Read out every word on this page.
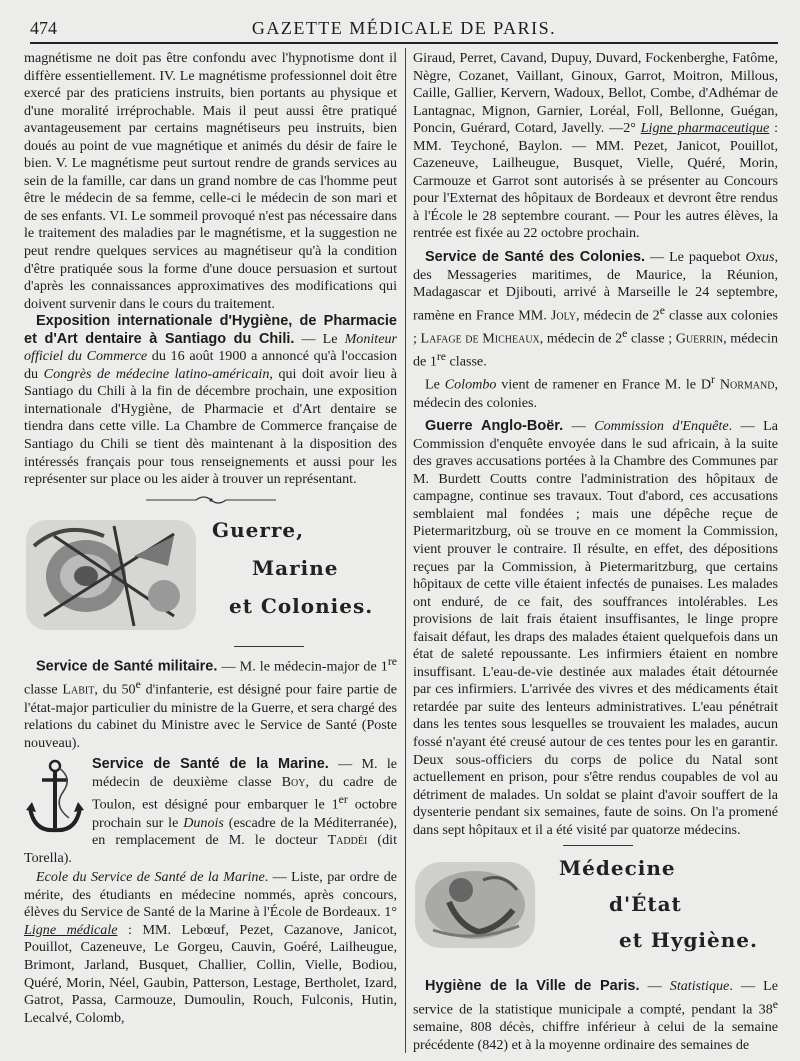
474	GAZETTE MÉDICALE DE PARIS.

magnétisme ne doit pas être confondu avec l'hypnotisme dont il diffère essentiellement. IV. Le magnétisme professionnel doit être exercé par des praticiens instruits, bien portants au physique et d'une moralité irréprochable. Mais il peut aussi être pratiqué avantageusement par certains magnétiseurs peu instruits, bien doués au point de vue magnétique et animés du désir de faire le bien. V. Le magnétisme peut surtout rendre de grands services au sein de la famille, car dans un grand nombre de cas l'homme peut être le médecin de sa femme, celle-ci le médecin de son mari et de ses enfants. VI. Le sommeil provoqué n'est pas nécessaire dans le traitement des maladies par le magnétisme, et la suggestion ne peut rendre quelques services au magnétiseur qu'à la condition d'être pratiquée sous la forme d'une douce persuasion et surtout d'après les connaissances approximatives des modifications qui doivent survenir dans le cours du traitement.

Exposition internationale d'Hygiène, de Pharmacie et d'Art dentaire à Santiago du Chili. — Le Moniteur officiel du Commerce du 16 août 1900 a annoncé qu'à l'occasion du Congrès de médecine latino-américain, qui doit avoir lieu à Santiago du Chili à la fin de décembre prochain, une exposition internationale d'Hygiène, de Pharmacie et d'Art dentaire se tiendra dans cette ville. La Chambre de Commerce française de Santiago du Chili se tient dès maintenant à la disposition des intéressés français pour tous renseignements et aussi pour les représenter sur place ou les aider à trouver un représentant.

Guerre,
Marine
et Colonies.

Service de Santé militaire. — M. le médecin-major de 1re classe Labit, du 50e d'infanterie, est désigné pour faire partie de l'état-major particulier du ministre de la Guerre, et sera chargé des relations du cabinet du Ministre avec le Service de Santé (Poste nouveau).

Service de Santé de la Marine. — M. le médecin de deuxième classe Boy, du cadre de Toulon, est désigné pour embarquer le 1er octobre prochain sur le Dunois (escadre de la Méditerranée), en remplacement de M. le docteur Taddéi (dit Torella).

Ecole du Service de Santé de la Marine. — Liste, par ordre de mérite, des étudiants en médecine nommés, après concours, élèves du Service de Santé de la Marine à l'École de Bordeaux. 1° Ligne médicale : MM. Lebœuf, Pezet, Cazanove, Janicot, Pouillot, Cazeneuve, Le Gorgeu, Cauvin, Goéré, Lailheugue, Brimont, Jarland, Busquet, Challier, Collin, Vielle, Bodiou, Quéré, Morin, Néel, Gaubin, Patterson, Lestage, Bertholet, Izard, Gatrot, Passa, Carmouze, Dumoulin, Rouch, Fulconis, Hutin, Lecalvé, Colomb,

Giraud, Perret, Cavand, Dupuy, Duvard, Fockenberghe, Fatôme, Nègre, Cozanet, Vaillant, Ginoux, Garrot, Moitron, Millous, Caille, Gallier, Kervern, Wadoux, Bellot, Combe, d'Adhémar de Lantagnac, Mignon, Garnier, Loréal, Foll, Bellonne, Guégan, Poncin, Guérard, Cotard, Javelly. —2° Ligne pharmaceutique : MM. Teychoné, Baylon. — MM. Pezet, Janicot, Pouillot, Cazeneuve, Lailheugue, Busquet, Vielle, Quéré, Morin, Carmouze et Garrot sont autorisés à se présenter au Concours pour l'Externat des hôpitaux de Bordeaux et devront être rendus à l'École le 28 septembre courant. — Pour les autres élèves, la rentrée est fixée au 22 octobre prochain.

Service de Santé des Colonies. — Le paquebot Oxus, des Messageries maritimes, de Maurice, la Réunion, Madagascar et Djibouti, arrivé à Marseille le 24 septembre, ramène en France MM. Joly, médecin de 2e classe aux colonies ; Lafage de Micheaux, médecin de 2e classe ; Guerrin, médecin de 1re classe.

Le Colombo vient de ramener en France M. le $D^r$ Normand, médecin des colonies.

Guerre Anglo-Boër. — Commission d'Enquête. — La Commission d'enquête envoyée dans le sud africain, à la suite des graves accusations portées à la Chambre des Communes par M. Burdett Coutts contre l'administration des hôpitaux de campagne, continue ses travaux. Tout d'abord, ces accusations semblaient mal fondées ; mais une dépêche reçue de Pietermaritzburg, où se trouve en ce moment la Commission, vient prouver le contraire. Il résulte, en effet, des dépositions reçues par la Commission, à Pietermaritzburg, que certains hôpitaux de cette ville étaient infectés de punaises. Les malades ont enduré, de ce fait, des souffrances intolérables. Les provisions de lait frais étaient insuffisantes, le linge propre faisait défaut, les draps des malades étaient quelquefois dans un état de saleté repoussante. Les infirmiers étaient en nombre insuffisant. L'eau-de-vie destinée aux malades était détournée par ces infirmiers. L'arrivée des vivres et des médicaments était retardée par suite des lenteurs administratives. L'eau pénétrait dans les tentes sous lesquelles se trouvaient les malades, aucun fossé n'ayant été creusé autour de ces tentes pour les en garantir. Deux sous-officiers du corps de police du Natal sont actuellement en prison, pour s'être rendus coupables de vol au détriment de malades. Un soldat se plaint d'avoir souffert de la dysenterie pendant six semaines, faute de soins. On l'a promené dans sept hôpitaux et il a été visité par quatorze médecins.

Médecine
d'État
et Hygiène.

Hygiène de la Ville de Paris. — Statistique. — Le service de la statistique municipale a compté, pendant la 38e semaine, 808 décès, chiffre inférieur à celui de la semaine précédente (842) et à la moyenne ordinaire des semaines de
